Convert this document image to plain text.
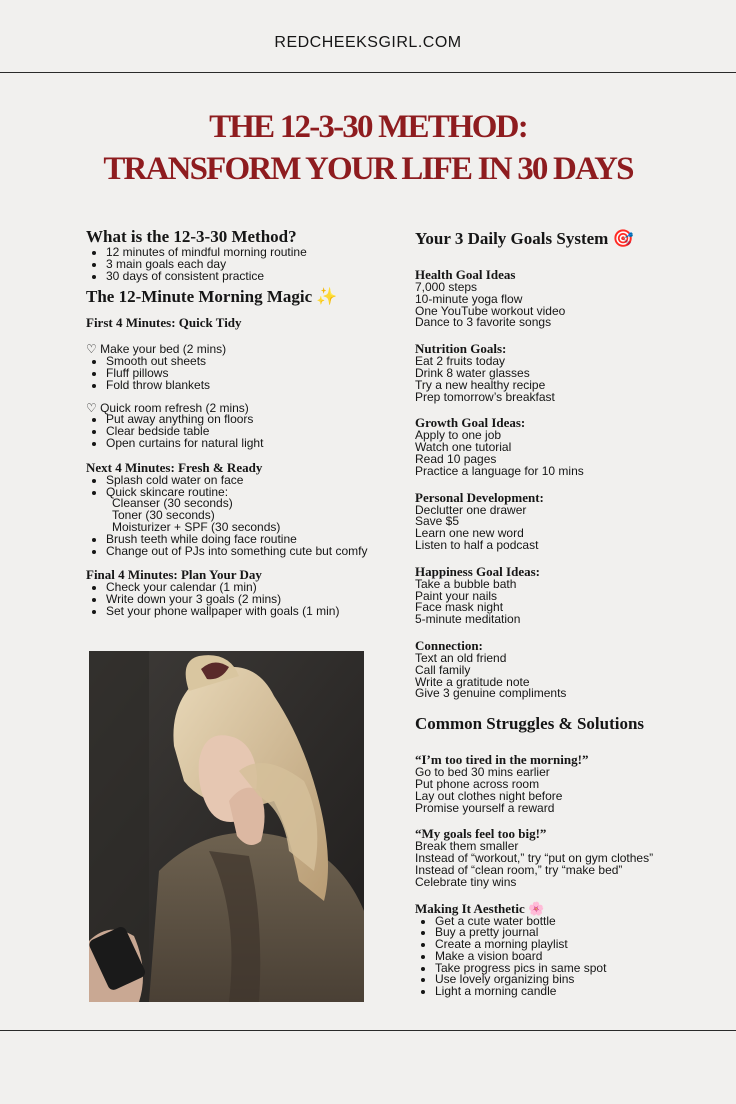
REDCHEEKSGIRL.COM
THE 12-3-30 METHOD:
TRANSFORM YOUR LIFE IN 30 DAYS
What is the 12-3-30 Method?
• 12 minutes of mindful morning routine
• 3 main goals each day
• 30 days of consistent practice
The 12-Minute Morning Magic ✨
First 4 Minutes: Quick Tidy
♡ Make your bed (2 mins)
• Smooth out sheets
• Fluff pillows
• Fold throw blankets
♡ Quick room refresh (2 mins)
• Put away anything on floors
• Clear bedside table
• Open curtains for natural light
Next 4 Minutes: Fresh & Ready
• Splash cold water on face
• Quick skincare routine:
Cleanser (30 seconds)
Toner (30 seconds)
Moisturizer + SPF (30 seconds)
• Brush teeth while doing face routine
• Change out of PJs into something cute but comfy
Final 4 Minutes: Plan Your Day
• Check your calendar (1 min)
• Write down your 3 goals (2 mins)
• Set your phone wallpaper with goals (1 min)
Your 3 Daily Goals System 🎯
Health Goal Ideas
7,000 steps
10-minute yoga flow
One YouTube workout video
Dance to 3 favorite songs
Nutrition Goals:
Eat 2 fruits today
Drink 8 water glasses
Try a new healthy recipe
Prep tomorrow’s breakfast
Growth Goal Ideas:
Apply to one job
Watch one tutorial
Read 10 pages
Practice a language for 10 mins
Personal Development:
Declutter one drawer
Save $5
Learn one new word
Listen to half a podcast
Happiness Goal Ideas:
Take a bubble bath
Paint your nails
Face mask night
5-minute meditation
Connection:
Text an old friend
Call family
Write a gratitude note
Give 3 genuine compliments
Common Struggles & Solutions
“I’m too tired in the morning!”
Go to bed 30 mins earlier
Put phone across room
Lay out clothes night before
Promise yourself a reward
“My goals feel too big!”
Break them smaller
Instead of “workout,” try “put on gym clothes”
Instead of “clean room,” try “make bed”
Celebrate tiny wins
Making It Aesthetic 🌸
• Get a cute water bottle
• Buy a pretty journal
• Create a morning playlist
• Make a vision board
• Take progress pics in same spot
• Use lovely organizing bins
• Light a morning candle
